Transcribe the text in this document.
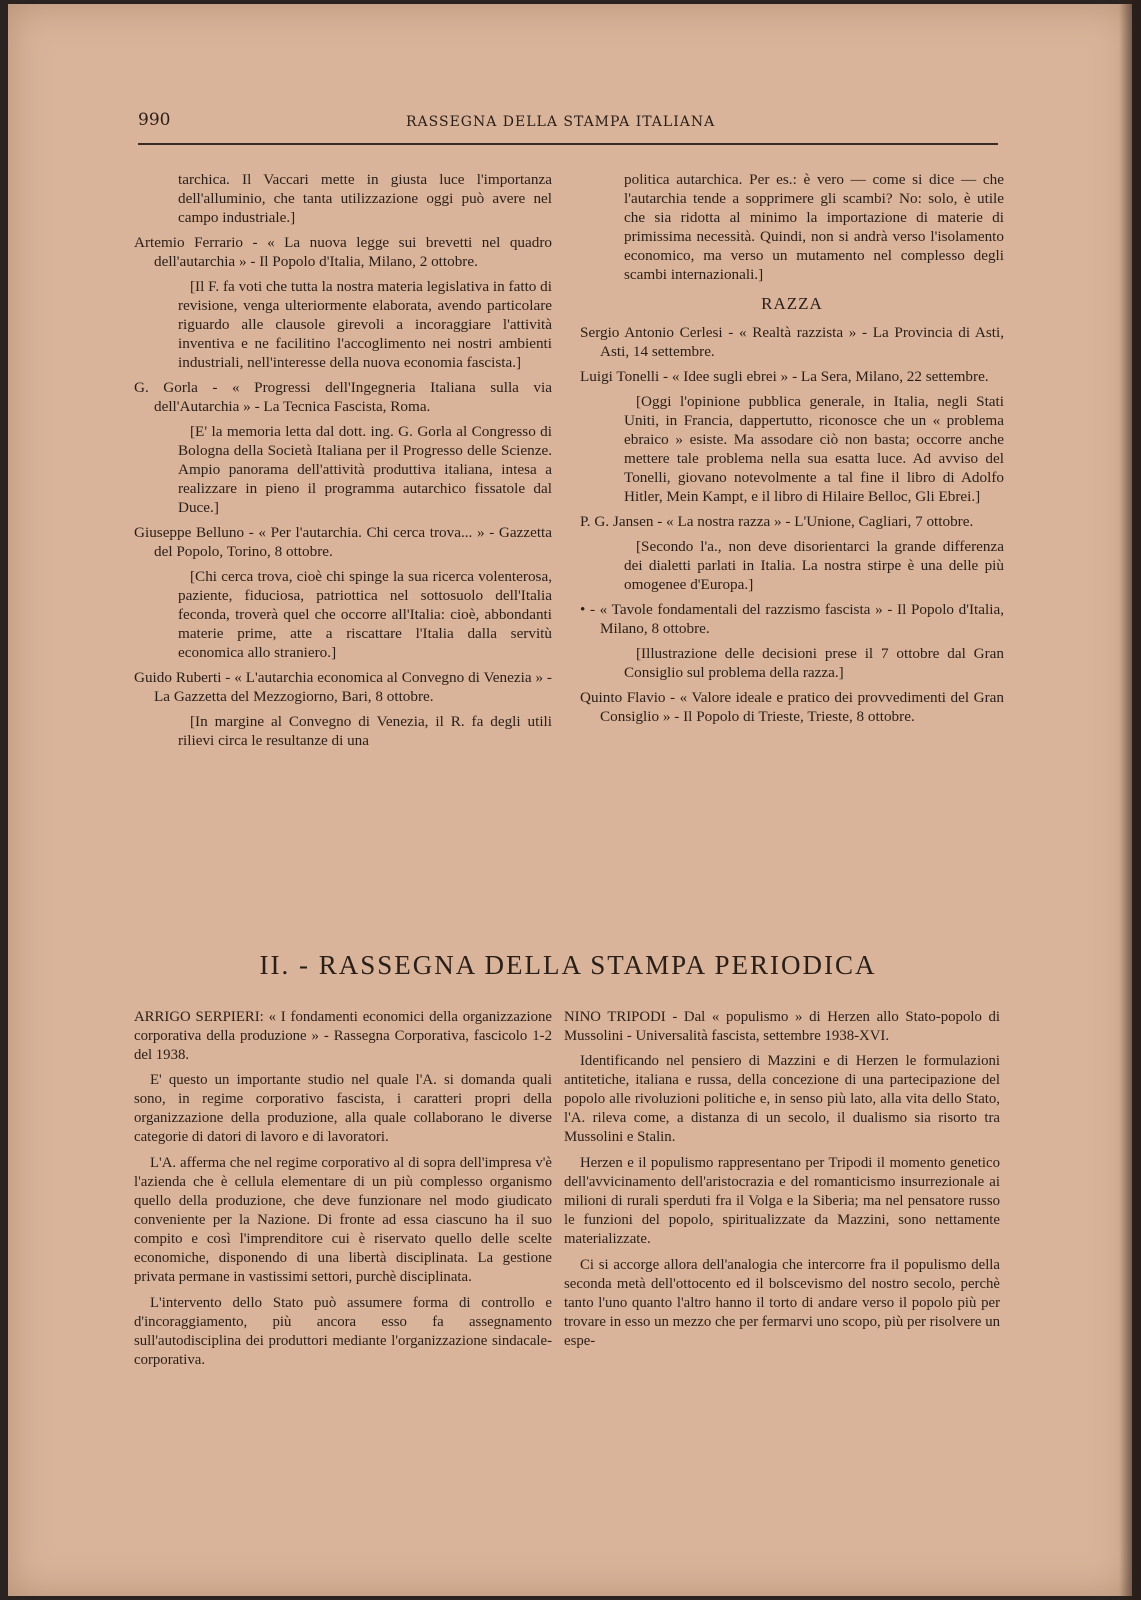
990	RASSEGNA DELLA STAMPA ITALIANA

tarchica. Il Vaccari mette in giusta luce l'importanza dell'alluminio, che tanta utilizzazione oggi può avere nel campo industriale.]

Artemio Ferrario - « La nuova legge sui brevetti nel quadro dell'autarchia » - Il Popolo d'Italia, Milano, 2 ottobre.

[Il F. fa voti che tutta la nostra materia legislativa in fatto di revisione, venga ulteriormente elaborata, avendo particolare riguardo alle clausole girevoli a incoraggiare l'attività inventiva e ne facilitino l'accoglimento nei nostri ambienti industriali, nell'interesse della nuova economia fascista.]

G. Gorla - « Progressi dell'Ingegneria Italiana sulla via dell'Autarchia » - La Tecnica Fascista, Roma.

[E' la memoria letta dal dott. ing. G. Gorla al Congresso di Bologna della Società Italiana per il Progresso delle Scienze. Ampio panorama dell'attività produttiva italiana, intesa a realizzare in pieno il programma autarchico fissatole dal Duce.]

Giuseppe Belluno - « Per l'autarchia. Chi cerca trova... » - Gazzetta del Popolo, Torino, 8 ottobre.

[Chi cerca trova, cioè chi spinge la sua ricerca volenterosa, paziente, fiduciosa, patriottica nel sottosuolo dell'Italia feconda, troverà quel che occorre all'Italia: cioè, abbondanti materie prime, atte a riscattare l'Italia dalla servitù economica allo straniero.]

Guido Ruberti - « L'autarchia economica al Convegno di Venezia » - La Gazzetta del Mezzogiorno, Bari, 8 ottobre.

[In margine al Convegno di Venezia, il R. fa degli utili rilievi circa le resultanze di una

politica autarchica. Per es.: è vero — come si dice — che l'autarchia tende a sopprimere gli scambi? No: solo, è utile che sia ridotta al minimo la importazione di materie di primissima necessità. Quindi, non si andrà verso l'isolamento economico, ma verso un mutamento nel complesso degli scambi internazionali.]

RAZZA

Sergio Antonio Cerlesi - « Realtà razzista » - La Provincia di Asti, Asti, 14 settembre.

Luigi Tonelli - « Idee sugli ebrei » - La Sera, Milano, 22 settembre.

[Oggi l'opinione pubblica generale, in Italia, negli Stati Uniti, in Francia, dappertutto, riconosce che un « problema ebraico » esiste. Ma assodare ciò non basta; occorre anche mettere tale problema nella sua esatta luce. Ad avviso del Tonelli, giovano notevolmente a tal fine il libro di Adolfo Hitler, Mein Kampt, e il libro di Hilaire Belloc, Gli Ebrei.]

P. G. Jansen - « La nostra razza » - L'Unione, Cagliari, 7 ottobre.

[Secondo l'a., non deve disorientarci la grande differenza dei dialetti parlati in Italia. La nostra stirpe è una delle più omogenee d'Europa.]

• - « Tavole fondamentali del razzismo fascista » - Il Popolo d'Italia, Milano, 8 ottobre.

[Illustrazione delle decisioni prese il 7 ottobre dal Gran Consiglio sul problema della razza.]

Quinto Flavio - « Valore ideale e pratico dei provvedimenti del Gran Consiglio » - Il Popolo di Trieste, Trieste, 8 ottobre.

II. - RASSEGNA DELLA STAMPA PERIODICA

ARRIGO SERPIERI: « I fondamenti economici della organizzazione corporativa della produzione » - Rassegna Corporativa, fascicolo 1-2 del 1938.

E' questo un importante studio nel quale l'A. si domanda quali sono, in regime corporativo fascista, i caratteri propri della organizzazione della produzione, alla quale collaborano le diverse categorie di datori di lavoro e di lavoratori.

L'A. afferma che nel regime corporativo al di sopra dell'impresa v'è l'azienda che è cellula elementare di un più complesso organismo quello della produzione, che deve funzionare nel modo giudicato conveniente per la Nazione. Di fronte ad essa ciascuno ha il suo compito e così l'imprenditore cui è riservato quello delle scelte economiche, disponendo di una libertà disciplinata. La gestione privata permane in vastissimi settori, purchè disciplinata.

L'intervento dello Stato può assumere forma di controllo e d'incoraggiamento, più ancora esso fa assegnamento sull'autodisciplina dei produttori mediante l'organizzazione sindacale-corporativa.

NINO TRIPODI - Dal « populismo » di Herzen allo Stato-popolo di Mussolini - Universalità fascista, settembre 1938-XVI.

Identificando nel pensiero di Mazzini e di Herzen le formulazioni antitetiche, italiana e russa, della concezione di una partecipazione del popolo alle rivoluzioni politiche e, in senso più lato, alla vita dello Stato, l'A. rileva come, a distanza di un secolo, il dualismo sia risorto tra Mussolini e Stalin.

Herzen e il populismo rappresentano per Tripodi il momento genetico dell'avvicinamento dell'aristocrazia e del romanticismo insurrezionale ai milioni di rurali sperduti fra il Volga e la Siberia; ma nel pensatore russo le funzioni del popolo, spiritualizzate da Mazzini, sono nettamente materializzate.

Ci si accorge allora dell'analogia che intercorre fra il populismo della seconda metà dell'ottocento ed il bolscevismo del nostro secolo, perchè tanto l'uno quanto l'altro hanno il torto di andare verso il popolo più per trovare in esso un mezzo che per fermarvi uno scopo, più per risolvere un espe-
